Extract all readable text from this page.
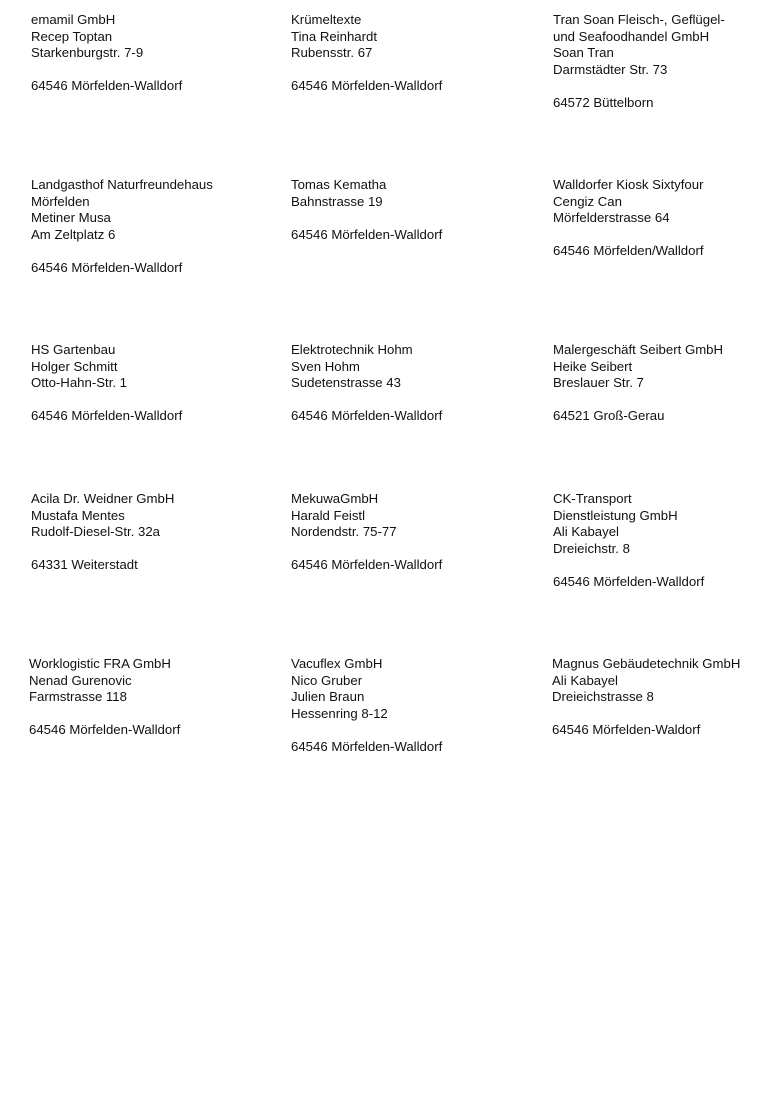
emamil GmbH
Recep Toptan
Starkenburgstr. 7-9
64546 Mörfelden-Walldorf
Krümeltexte
Tina Reinhardt
Rubensstr. 67
64546 Mörfelden-Walldorf
Tran Soan Fleisch-, Geflügel-
und Seafoodhandel GmbH
Soan Tran
Darmstädter Str. 73
64572 Büttelborn
Landgasthof Naturfreundehaus
Mörfelden
Metiner Musa
Am Zeltplatz 6
64546 Mörfelden-Walldorf
Tomas Kematha
Bahnstrasse 19
64546 Mörfelden-Walldorf
Walldorfer Kiosk Sixtyfour
Cengiz Can
Mörfelderstrasse 64
64546 Mörfelden/Walldorf
HS Gartenbau
Holger Schmitt
Otto-Hahn-Str. 1
64546 Mörfelden-Walldorf
Elektrotechnik Hohm
Sven Hohm
Sudetenstrasse 43
64546 Mörfelden-Walldorf
Malergeschäft Seibert GmbH
Heike Seibert
Breslauer Str. 7
64521 Groß-Gerau
Acila Dr. Weidner GmbH
Mustafa Mentes
Rudolf-Diesel-Str. 32a
64331 Weiterstadt
MekuwaGmbH
Harald Feistl
Nordendstr. 75-77
64546 Mörfelden-Walldorf
CK-Transport
Dienstleistung GmbH
Ali Kabayel
Dreieichstr. 8
64546 Mörfelden-Walldorf
Worklogistic FRA GmbH
Nenad Gurenovic
Farmstrasse 118
64546 Mörfelden-Walldorf
Vacuflex GmbH
Nico Gruber
Julien Braun
Hessenring 8-12
64546 Mörfelden-Walldorf
Magnus Gebäudetechnik GmbH
Ali Kabayel
Dreieichstrasse 8
64546 Mörfelden-Waldorf
